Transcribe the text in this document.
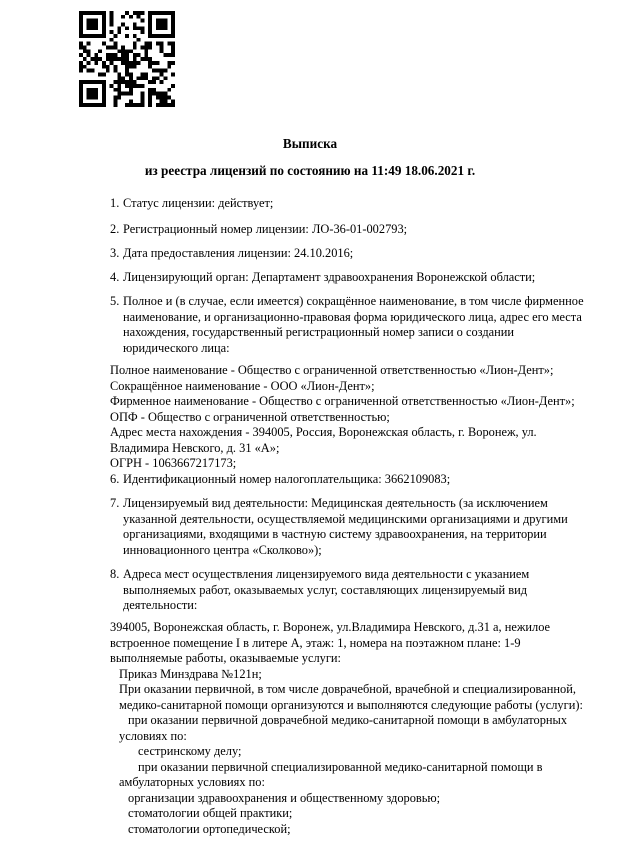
Выписка
из реестра лицензий по состоянию на 11:49 18.06.2021 г.
1. Статус лицензии: действует;
2. Регистрационный номер лицензии: ЛО-36-01-002793;
3. Дата предоставления лицензии: 24.10.2016;
4. Лицензирующий орган: Департамент здравоохранения Воронежской области;
5. Полное и (в случае, если имеется) сокращённое наименование, в том числе фирменное
наименование, и организационно-правовая форма юридического лица, адрес его места
нахождения, государственный регистрационный номер записи о создании
юридического лица:
Полное наименование - Общество с ограниченной ответственностью «Лион-Дент»;
Сокращённое наименование - ООО «Лион-Дент»;
Фирменное наименование - Общество с ограниченной ответственностью «Лион-Дент»;
ОПФ - Общество с ограниченной ответственностью;
Адрес места нахождения - 394005, Россия, Воронежская область, г. Воронеж, ул.
Владимира Невского, д. 31 «А»;
ОГРН - 1063667217173;
6. Идентификационный номер налогоплательщика: 3662109083;
7. Лицензируемый вид деятельности: Медицинская деятельность (за исключением
указанной деятельности, осуществляемой медицинскими организациями и другими
организациями, входящими в частную систему здравоохранения, на территории
инновационного центра «Сколково»);
8. Адреса мест осуществления лицензируемого вида деятельности с указанием
выполняемых работ, оказываемых услуг, составляющих лицензируемый вид
деятельности:
394005, Воронежская область, г. Воронеж, ул.Владимира Невского, д.31 а, нежилое
встроенное помещение I в литере А, этаж: 1, номера на поэтажном плане: 1-9
выполняемые работы, оказываемые услуги:
Приказ Минздрава №121н;
При оказании первичной, в том числе доврачебной, врачебной и специализированной,
медико-санитарной помощи организуются и выполняются следующие работы (услуги):
при оказании первичной доврачебной медико-санитарной помощи в амбулаторных
условиях по:
сестринскому делу;
при оказании первичной специализированной медико-санитарной помощи в
амбулаторных условиях по:
организации здравоохранения и общественному здоровью;
стоматологии общей практики;
стоматологии ортопедической;
